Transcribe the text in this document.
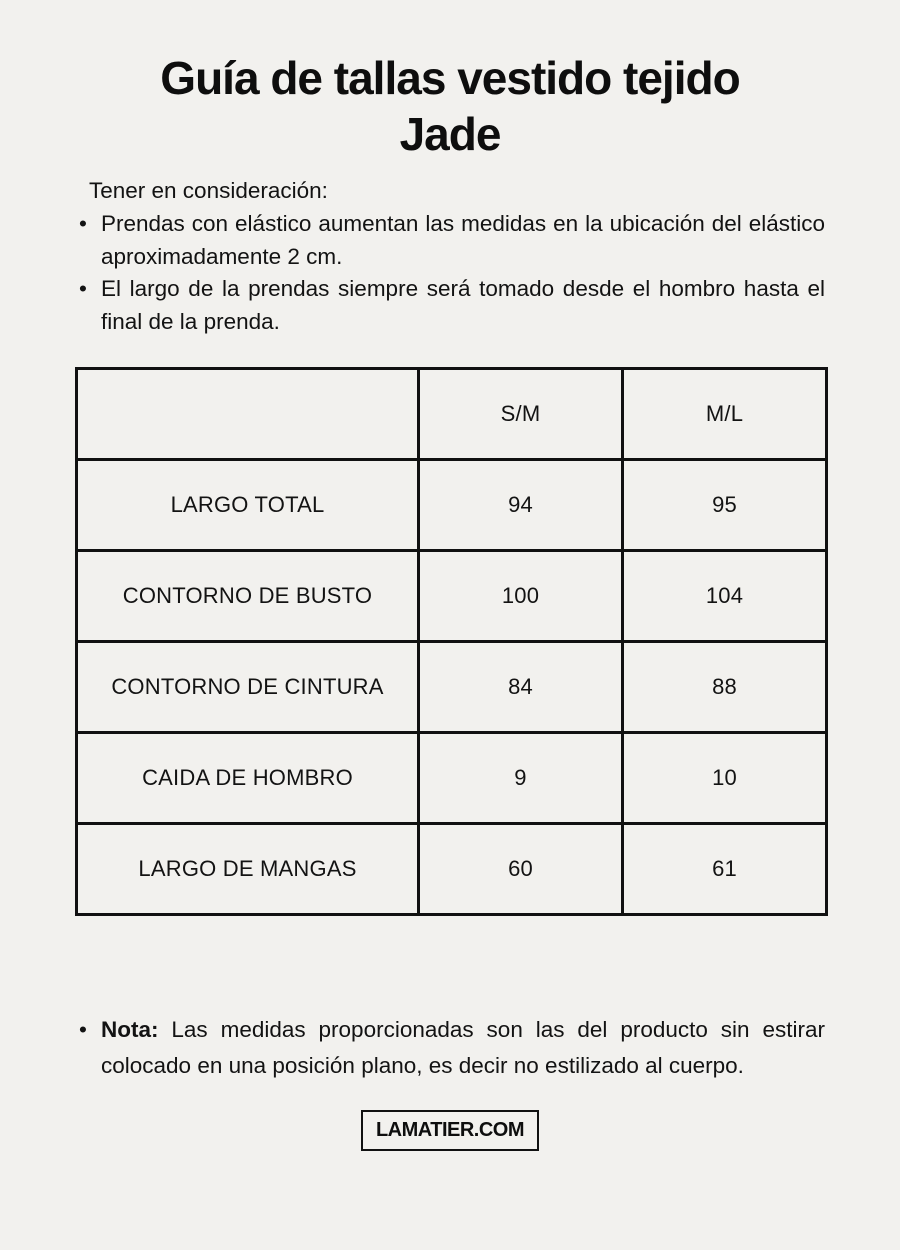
Guía de tallas vestido tejido
Jade
Tener en consideración:
• Prendas con elástico aumentan las medidas en la ubicación del elástico aproximadamente 2 cm.
• El largo de la prendas siempre será tomado desde el hombro hasta el final de la prenda.
	S/M	M/L
LARGO TOTAL	94	95
CONTORNO DE BUSTO	100	104
CONTORNO DE CINTURA	84	88
CAIDA DE HOMBRO	9	10
LARGO DE MANGAS	60	61
• Nota: Las medidas proporcionadas son las del producto sin estirar colocado en una posición plano, es decir no estilizado al cuerpo.
LAMATIER.COM
